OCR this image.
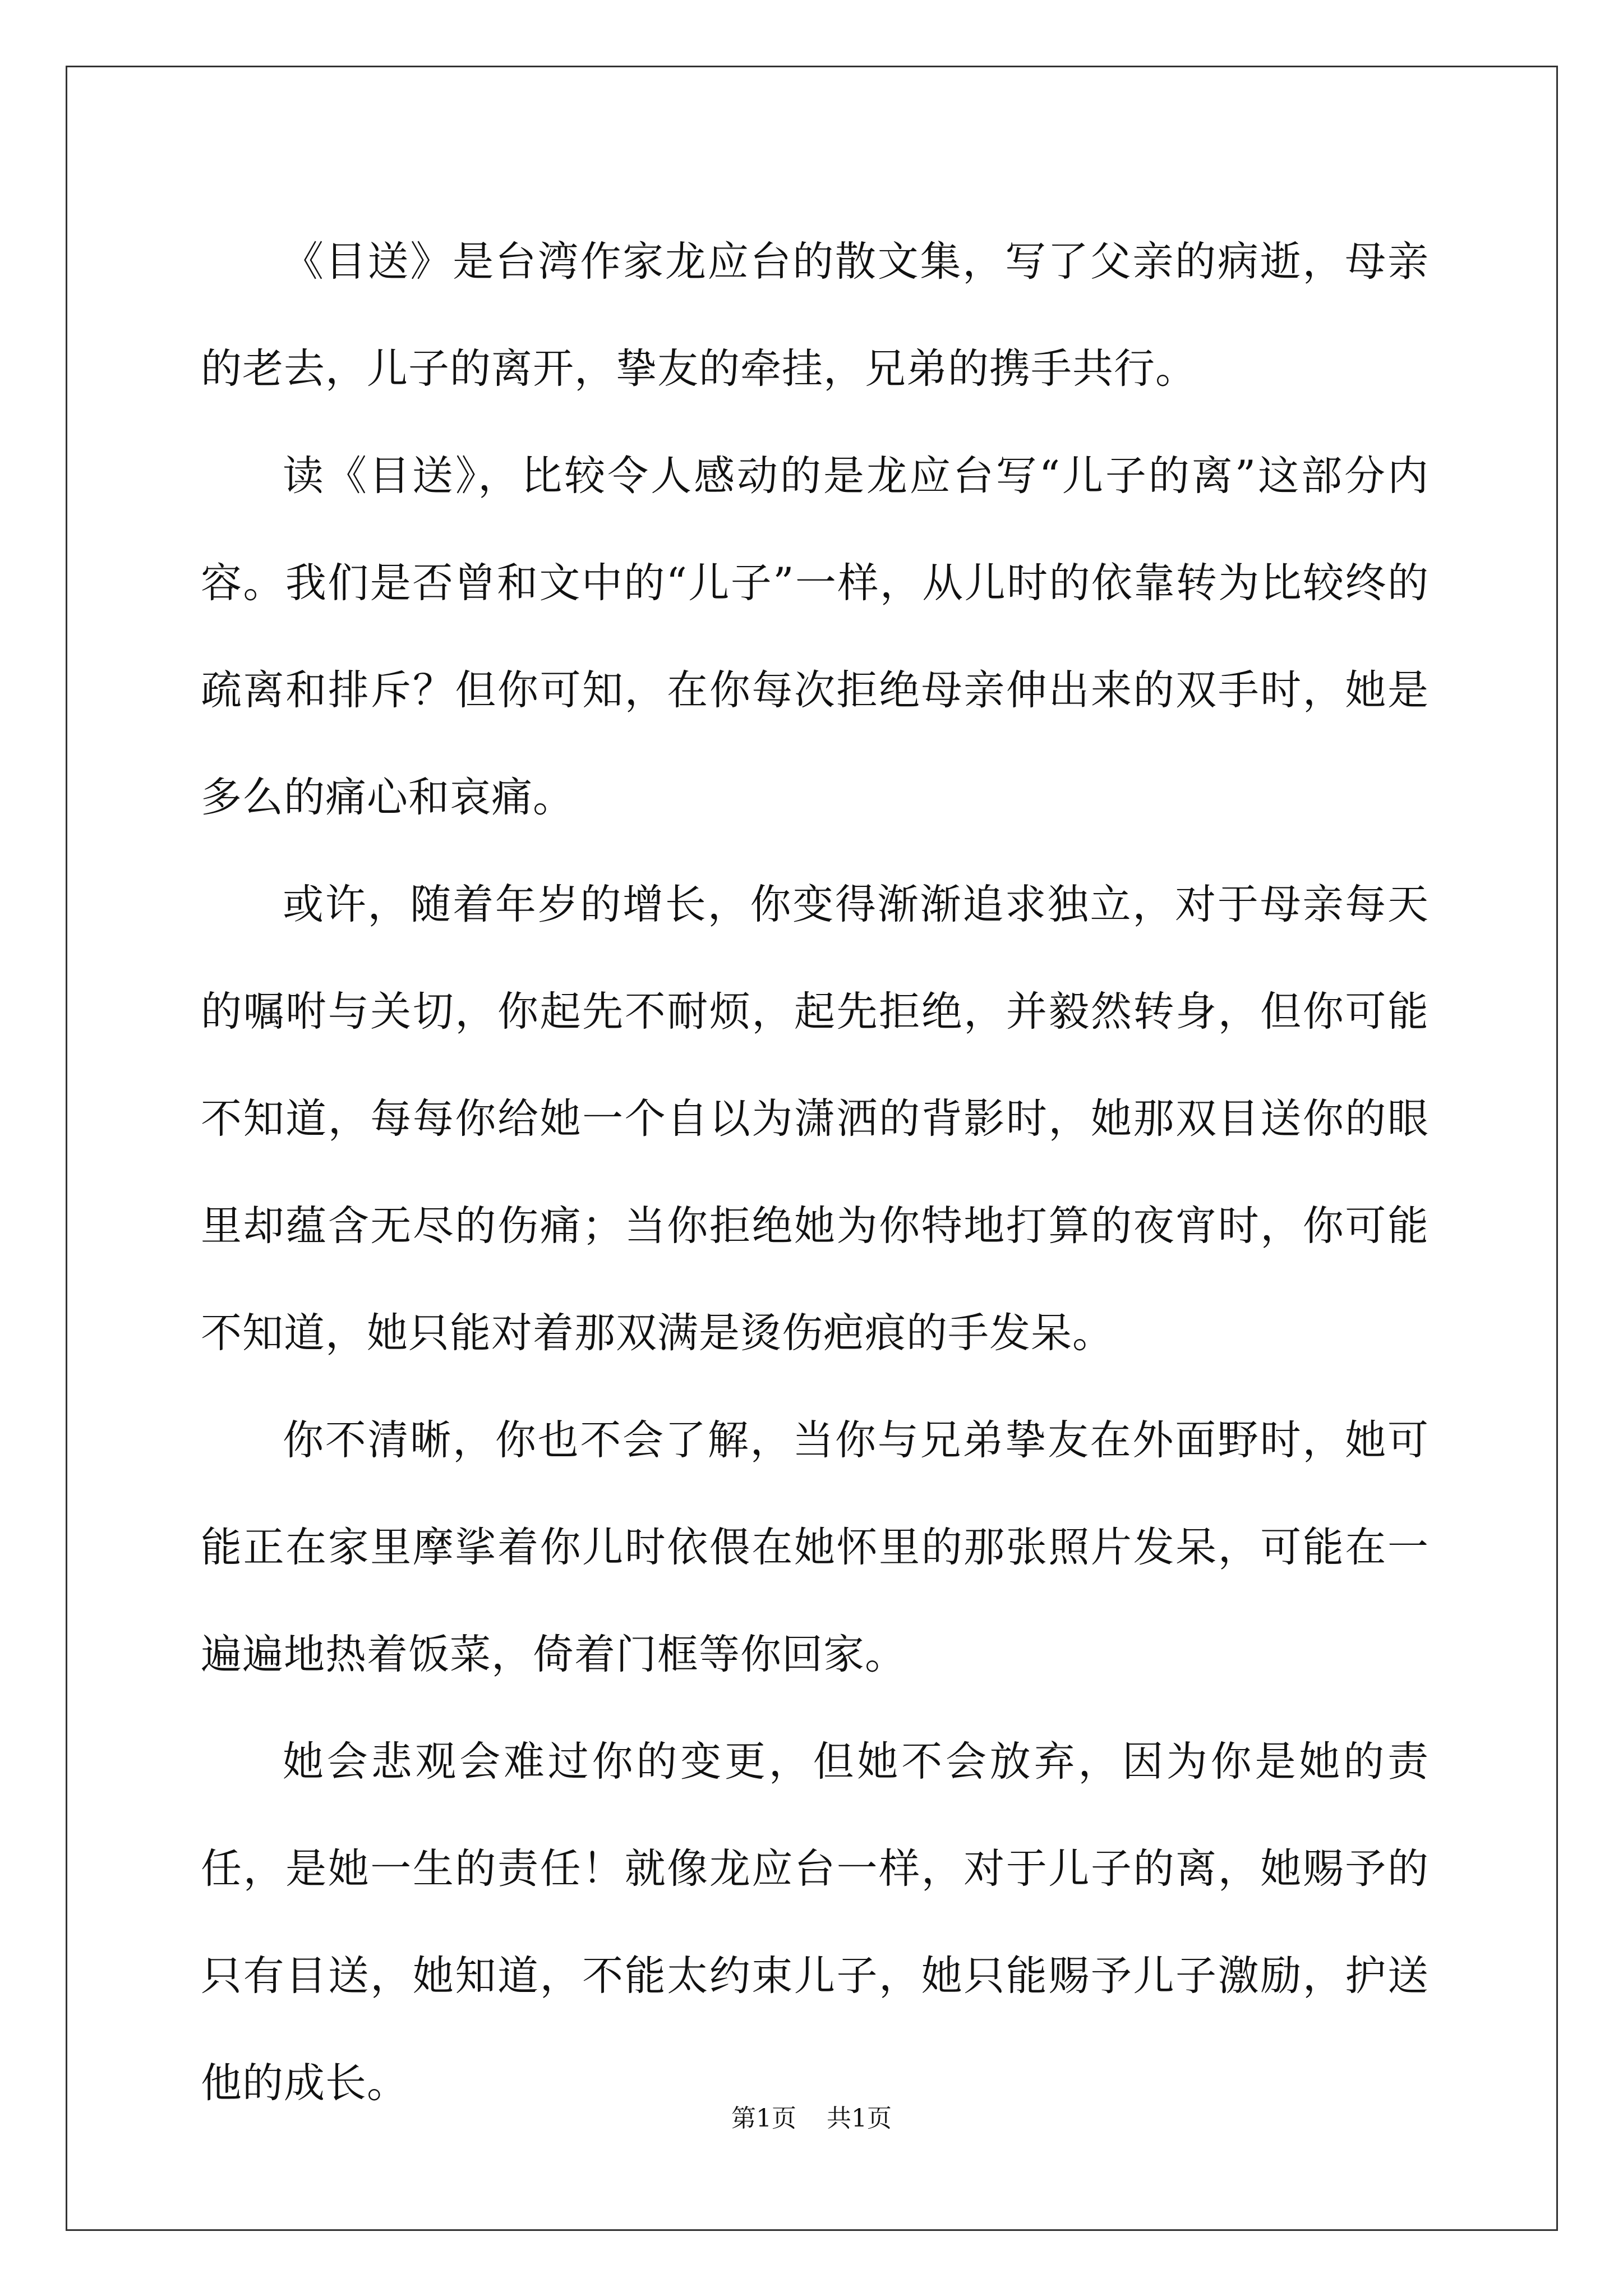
《目送》是台湾作家龙应台的散文集，写了父亲的病逝，母亲的老去，儿子的离开，挚友的牵挂，兄弟的携手共行。

读《目送》，比较令人感动的是龙应台写“儿子的离”这部分内容。我们是否曾和文中的“儿子”一样，从儿时的依靠转为比较终的疏离和排斥？但你可知，在你每次拒绝母亲伸出来的双手时，她是多么的痛心和哀痛。

或许，随着年岁的增长，你变得渐渐追求独立，对于母亲每天的嘱咐与关切，你起先不耐烦，起先拒绝，并毅然转身，但你可能不知道，每每你给她一个自以为潇洒的背影时，她那双目送你的眼里却蕴含无尽的伤痛；当你拒绝她为你特地打算的夜宵时，你可能不知道，她只能对着那双满是烫伤疤痕的手发呆。

你不清晰，你也不会了解，当你与兄弟挚友在外面野时，她可能正在家里摩挲着你儿时依偎在她怀里的那张照片发呆，可能在一遍遍地热着饭菜，倚着门框等你回家。

她会悲观会难过你的变更，但她不会放弃，因为你是她的责任，是她一生的责任！就像龙应台一样，对于儿子的离，她赐予的只有目送，她知道，不能太约束儿子，她只能赐予儿子激励，护送他的成长。

第1页 共1页
